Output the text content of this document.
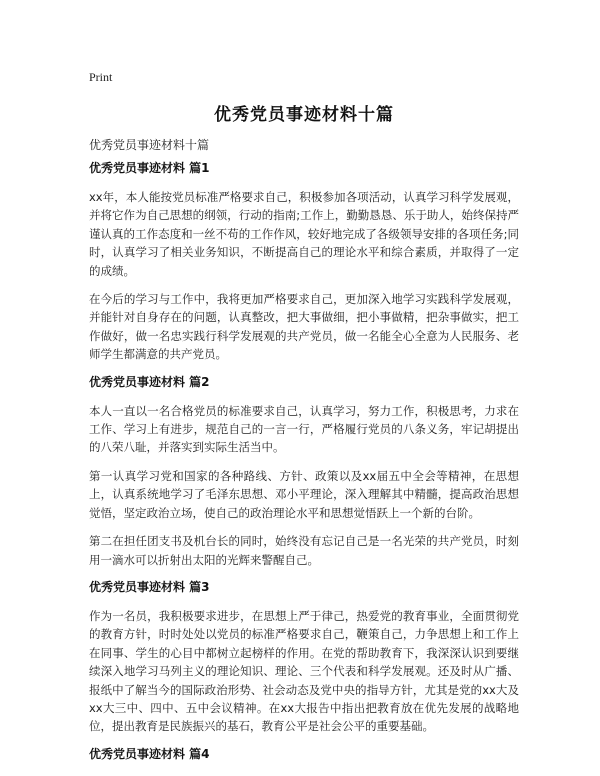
Print
优秀党员事迹材料十篇
优秀党员事迹材料十篇
优秀党员事迹材料 篇1

xx年，本人能按党员标准严格要求自己，积极参加各项活动，认真学习科学发展观，并将它作为自己思想的纲领，行动的指南;工作上，勤勤恳恳、乐于助人，始终保持严谨认真的工作态度和一丝不苟的工作作风，较好地完成了各级领导安排的各项任务;同时，认真学习了相关业务知识，不断提高自己的理论水平和综合素质，并取得了一定的成绩。

在今后的学习与工作中，我将更加严格要求自己，更加深入地学习实践科学发展观，并能针对自身存在的问题，认真整改，把大事做细，把小事做精，把杂事做实，把工作做好，做一名忠实践行科学发展观的共产党员，做一名能全心全意为人民服务、老师学生都满意的共产党员。

优秀党员事迹材料 篇2

本人一直以一名合格党员的标准要求自己，认真学习，努力工作，积极思考，力求在工作、学习上有进步，规范自己的一言一行，严格履行党员的八条义务，牢记胡提出的八荣八耻，并落实到实际生活当中。

第一认真学习党和国家的各种路线、方针、政策以及xx届五中全会等精神，在思想上，认真系统地学习了毛泽东思想、邓小平理论，深入理解其中精髓，提高政治思想觉悟，坚定政治立场，使自己的政治理论水平和思想觉悟跃上一个新的台阶。

第二在担任团支书及机台长的同时，始终没有忘记自己是一名光荣的共产党员，时刻用一滴水可以折射出太阳的光辉来警醒自己。

优秀党员事迹材料 篇3

作为一名员，我积极要求进步，在思想上严于律己，热爱党的教育事业，全面贯彻党的教育方针，时时处处以党员的标准严格要求自己，鞭策自己，力争思想上和工作上在同事、学生的心目中都树立起榜样的作用。在党的帮助教育下，我深深认识到要继续深入地学习马列主义的理论知识、理论、三个代表和科学发展观。还及时从广播、报纸中了解当今的国际政治形势、社会动态及党中央的指导方针，尤其是党的xx大及xx大三中、四中、五中会议精神。在xx大报告中指出把教育放在优先发展的战略地位，提出教育是民族振兴的基石，教育公平是社会公平的重要基础。

优秀党员事迹材料 篇4
